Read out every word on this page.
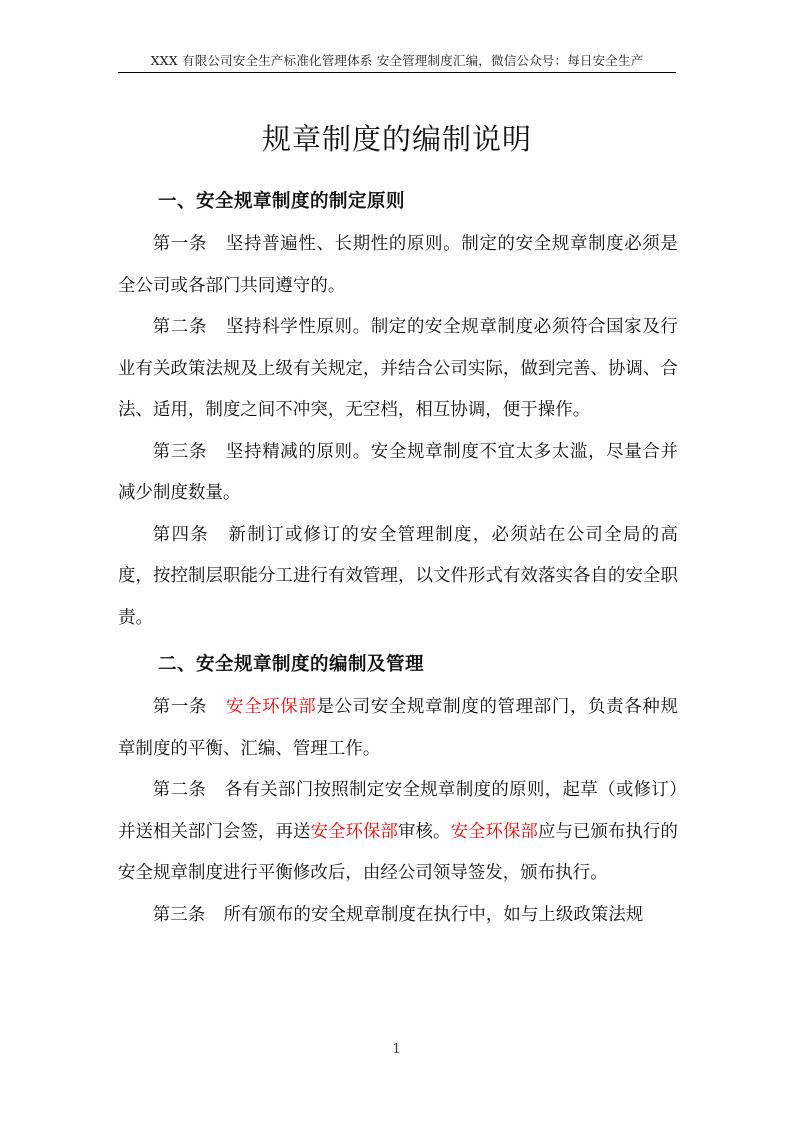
XXX 有限公司安全生产标准化管理体系 安全管理制度汇编，微信公众号：每日安全生产
规章制度的编制说明
一、安全规章制度的制定原则

第一条 坚持普遍性、长期性的原则。制定的安全规章制度必须是全公司或各部门共同遵守的。

第二条 坚持科学性原则。制定的安全规章制度必须符合国家及行业有关政策法规及上级有关规定，并结合公司实际，做到完善、协调、合法、适用，制度之间不冲突，无空档，相互协调，便于操作。

第三条 坚持精减的原则。安全规章制度不宜太多太滥，尽量合并减少制度数量。

第四条 新制订或修订的安全管理制度，必须站在公司全局的高度，按控制层职能分工进行有效管理，以文件形式有效落实各自的安全职责。

二、安全规章制度的编制及管理

第一条 安全环保部是公司安全规章制度的管理部门，负责各种规章制度的平衡、汇编、管理工作。

第二条 各有关部门按照制定安全规章制度的原则，起草（或修订）并送相关部门会签，再送安全环保部审核。安全环保部应与已颁布执行的安全规章制度进行平衡修改后，由经公司领导签发，颁布执行。

第三条 所有颁布的安全规章制度在执行中，如与上级政策法规

1
